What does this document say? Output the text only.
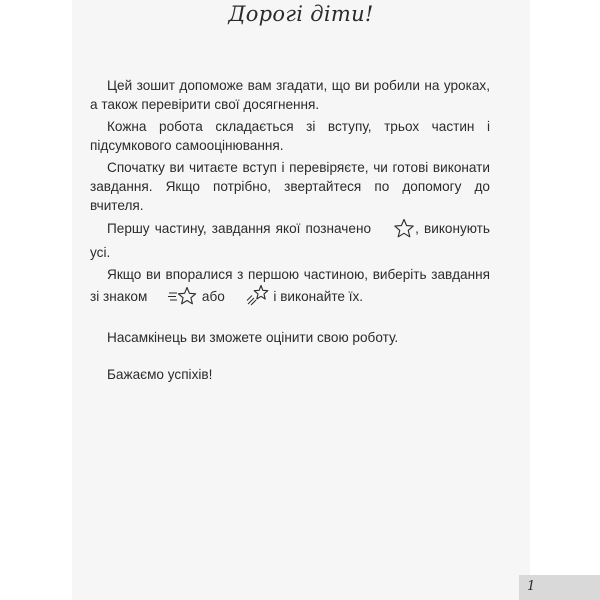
Дорогі діти!

Цей зошит допоможе вам згадати, що ви робили на уроках, а також перевірити свої досягнення.

Кожна робота складається зі вступу, трьох частин і підсумкового самооцінювання.

Спочатку ви читаєте вступ і перевіряєте, чи готові виконати завдання. Якщо потрібно, звертайтеся по допомогу до вчителя.

Першу частину, завдання якої позначено	, виконують усі.

Якщо ви впоралися з першою частиною, виберіть завдання зі знаком	або	і виконайте їх.

Насамкінець ви зможете оцінити свою роботу.

Бажаємо успіхів!

1
